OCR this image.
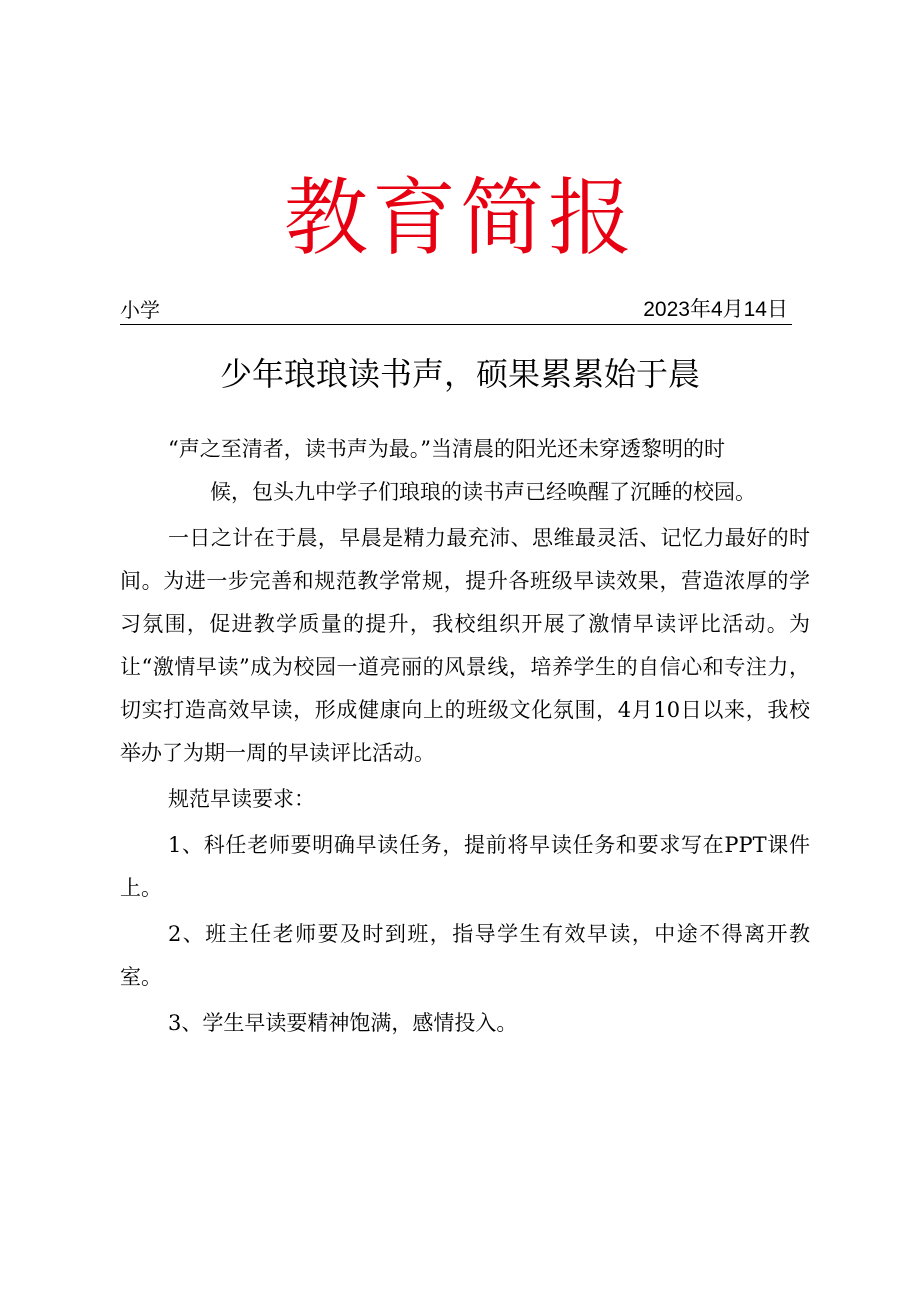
教育简报
小学	2023年4月14日
少年琅琅读书声，硕果累累始于晨

“声之至清者，读书声为最。”当清晨的阳光还未穿透黎明的时

候，包头九中学子们琅琅的读书声已经唤醒了沉睡的校园。

一日之计在于晨，早晨是精力最充沛、思维最灵活、记忆力最好的时间。为进一步完善和规范教学常规，提升各班级早读效果，营造浓厚的学习氛围，促进教学质量的提升，我校组织开展了激情早读评比活动。为让“激情早读”成为校园一道亮丽的风景线，培养学生的自信心和专注力，切实打造高效早读，形成健康向上的班级文化氛围，4月10日以来，我校举办了为期一周的早读评比活动。

规范早读要求：

1、科任老师要明确早读任务，提前将早读任务和要求写在PPT课件上。

2、班主任老师要及时到班，指导学生有效早读，中途不得离开教室。

3、学生早读要精神饱满，感情投入。
